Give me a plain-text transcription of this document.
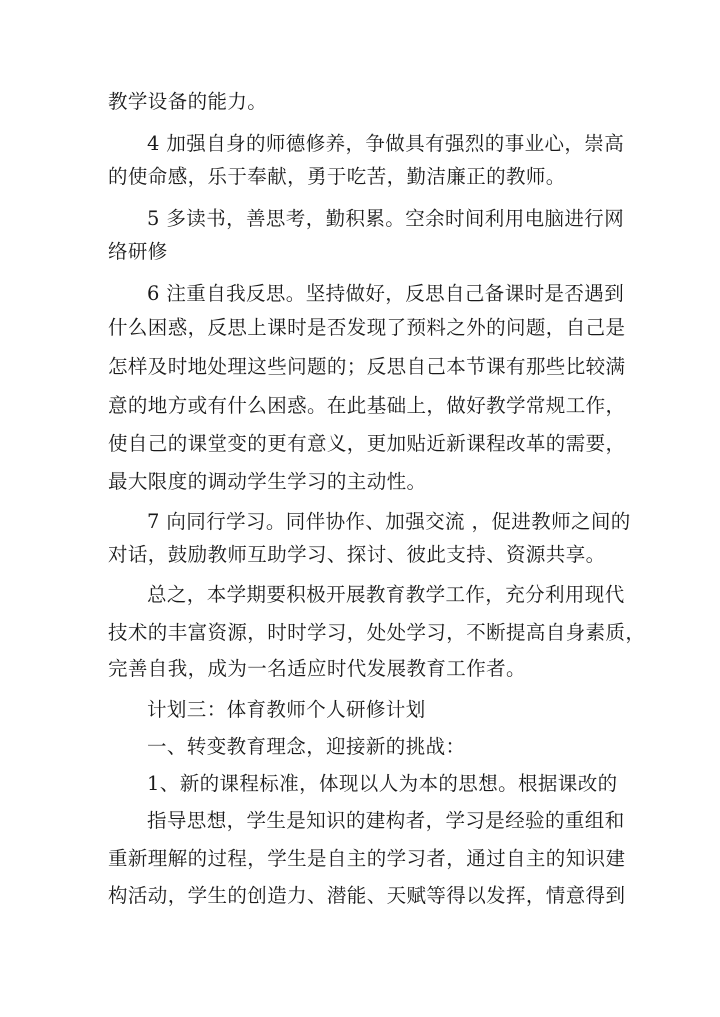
教学设备的能力。
4 加强自身的师德修养，争做具有强烈的事业心，崇高
的使命感，乐于奉献，勇于吃苦，勤洁廉正的教师。
5 多读书，善思考，勤积累。空余时间利用电脑进行网
络研修
6 注重自我反思。坚持做好，反思自己备课时是否遇到
什么困惑，反思上课时是否发现了预料之外的问题，自己是
怎样及时地处理这些问题的；反思自己本节课有那些比较满
意的地方或有什么困惑。在此基础上，做好教学常规工作，
使自己的课堂变的更有意义，更加贴近新课程改革的需要，
最大限度的调动学生学习的主动性。
7 向同行学习。同伴协作、加强交流 ，促进教师之间的
对话，鼓励教师互助学习、探讨、彼此支持、资源共享。
总之，本学期要积极开展教育教学工作，充分利用现代
技术的丰富资源，时时学习，处处学习，不断提高自身素质，
完善自我，成为一名适应时代发展教育工作者。
计划三：体育教师个人研修计划
一、转变教育理念，迎接新的挑战：
1、新的课程标准，体现以人为本的思想。根据课改的
指导思想，学生是知识的建构者，学习是经验的重组和
重新理解的过程，学生是自主的学习者，通过自主的知识建
构活动，学生的创造力、潜能、天赋等得以发挥，情意得到
